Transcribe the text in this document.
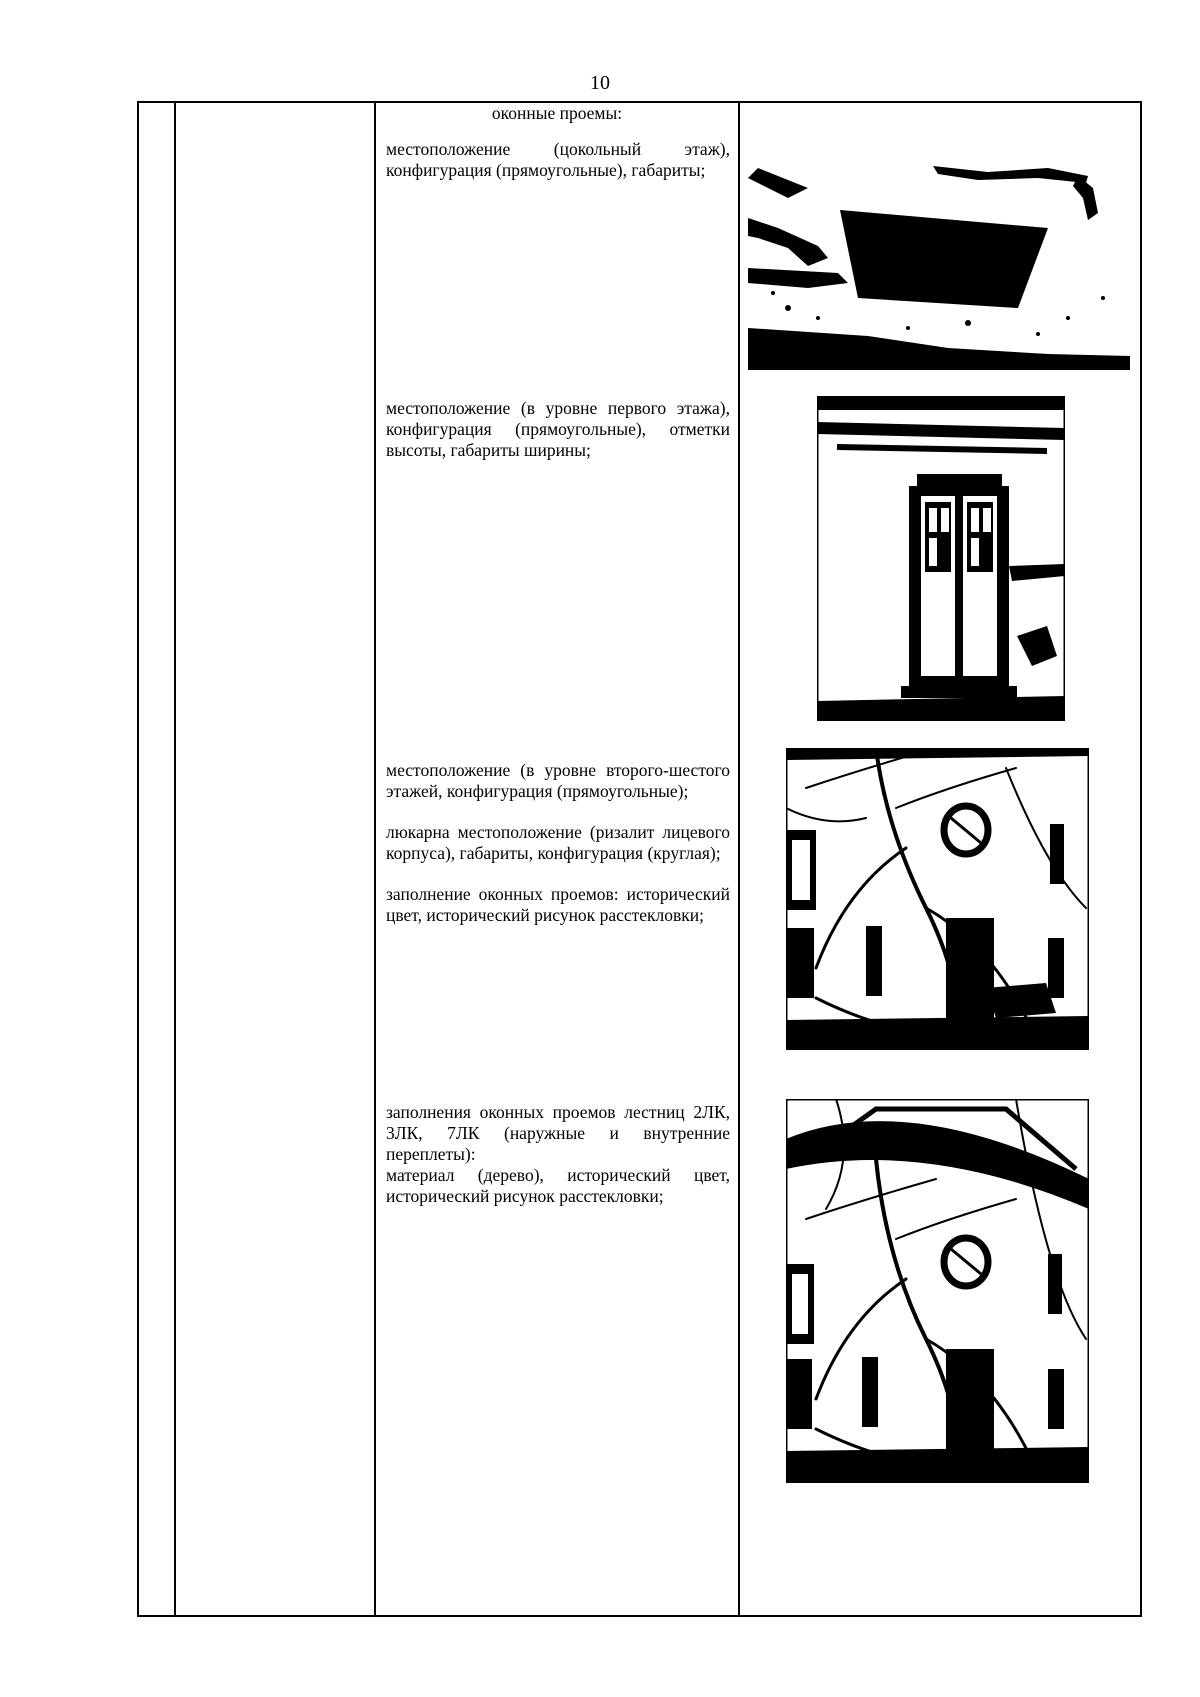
10
оконные проемы:

местоположение (цокольный этаж), конфигурация (прямоугольные), габариты;

местоположение (в уровне первого этажа), конфигурация (прямоугольные), отметки высоты, габариты ширины;

местоположение (в уровне второго-шестого этажей, конфигурация (прямоугольные);

люкарна местоположение (ризалит лицевого корпуса), габариты, конфигурация (круглая);

заполнение оконных проемов: исторический цвет, исторический рисунок расстекловки;

заполнения оконных проемов лестниц 2ЛК, 3ЛК, 7ЛК (наружные и внутренние переплеты):

материал (дерево), исторический цвет, исторический рисунок расстекловки;
